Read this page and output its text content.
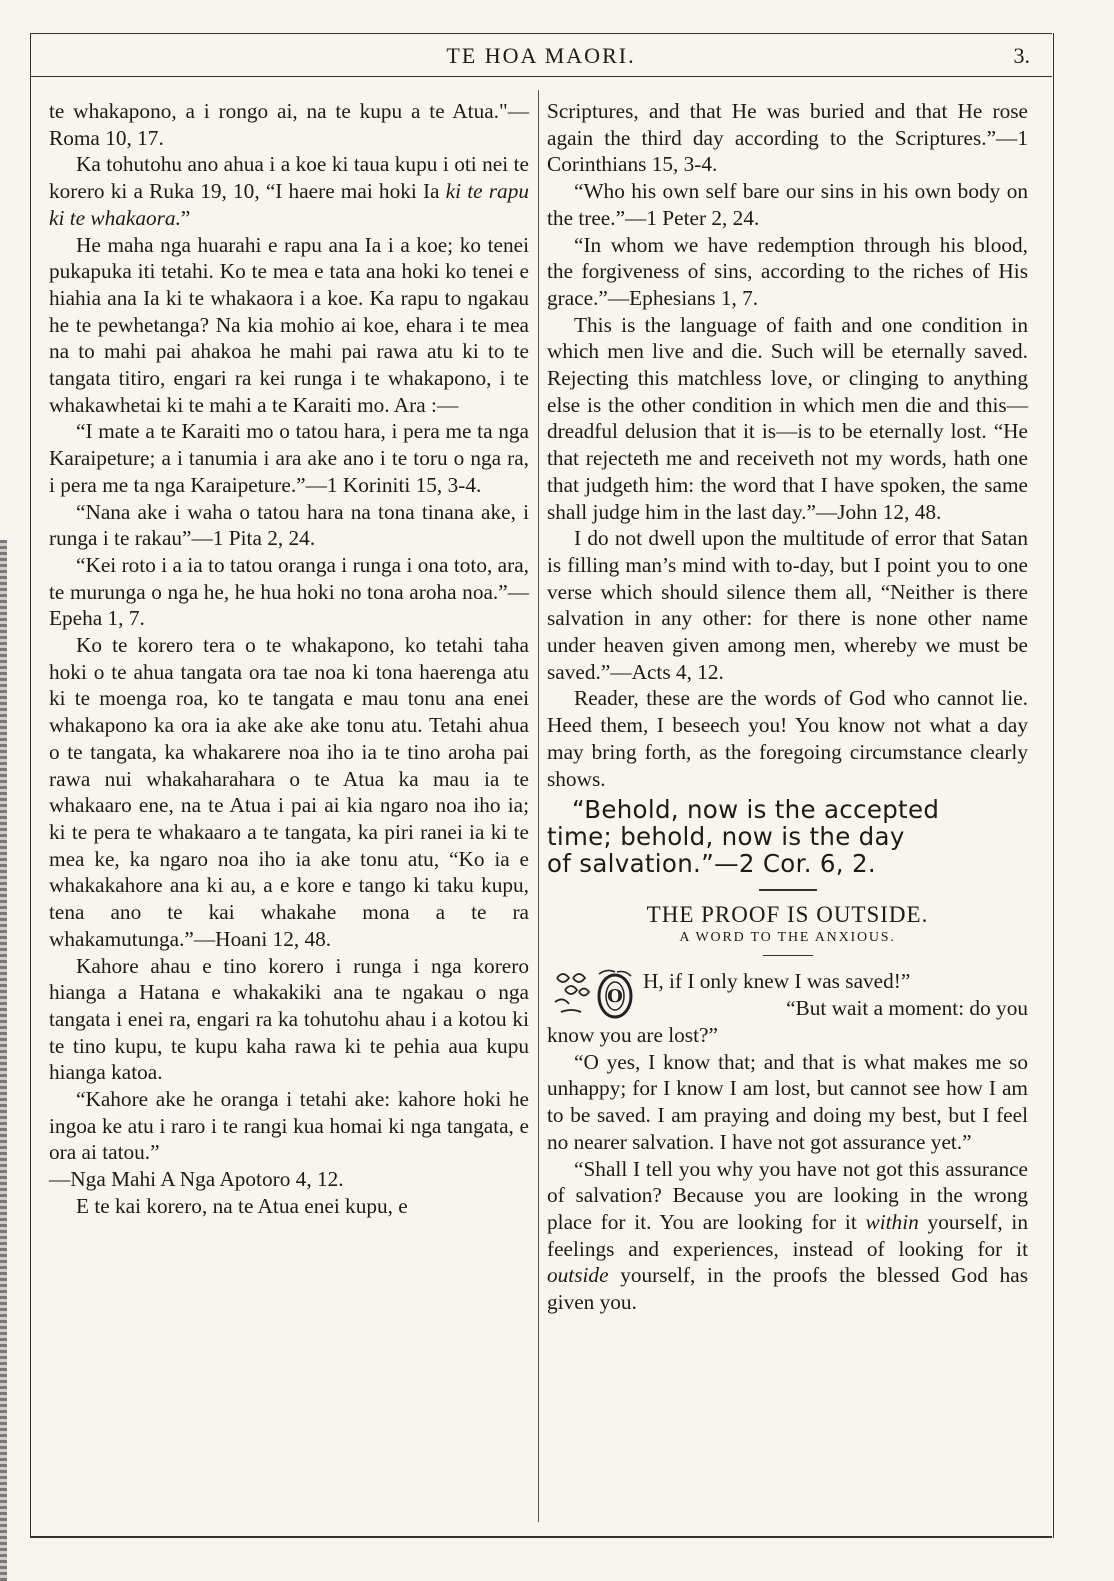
TE HOA MAORI.	3.

te whakapono, a i rongo ai, na te kupu a te Atua."—Roma 10, 17.

Ka tohutohu ano ahua i a koe ki taua kupu i oti nei te korero ki a Ruka 19, 10, “I haere mai hoki Ia ki te rapu ki te whakaora.”

He maha nga huarahi e rapu ana Ia i a koe; ko tenei pukapuka iti tetahi. Ko te mea e tata ana hoki ko tenei e hiahia ana Ia ki te whakaora i a koe. Ka rapu to ngakau he te pewhetanga? Na kia mohio ai koe, ehara i te mea na to mahi pai ahakoa he mahi pai rawa atu ki to te tangata titiro, engari ra kei runga i te whakapono, i te whakawhetai ki te mahi a te Karaiti mo. Ara :—

“I mate a te Karaiti mo o tatou hara, i pera me ta nga Karaipeture; a i tanumia i ara ake ano i te toru o nga ra, i pera me ta nga Karaipeture.”—1 Koriniti 15, 3-4.

“Nana ake i waha o tatou hara na tona tinana ake, i runga i te rakau”—1 Pita 2, 24.

“Kei roto i a ia to tatou oranga i runga i ona toto, ara, te murunga o nga he, he hua hoki no tona aroha noa.”—Epeha 1, 7.

Ko te korero tera o te whakapono, ko tetahi taha hoki o te ahua tangata ora tae noa ki tona haerenga atu ki te moenga roa, ko te tangata e mau tonu ana enei whakapono ka ora ia ake ake ake tonu atu. Tetahi ahua o te tangata, ka whakarere noa iho ia te tino aroha pai rawa nui whakaharahara o te Atua ka mau ia te whakaaro ene, na te Atua i pai ai kia ngaro noa iho ia; ki te pera te whakaaro a te tangata, ka piri ranei ia ki te mea ke, ka ngaro noa iho ia ake tonu atu, “Ko ia e whakakahore ana ki au, a e kore e tango ki taku kupu, tena ano te kai whakahe mona a te ra whakamutunga.”—Hoani 12, 48.

Kahore ahau e tino korero i runga i nga korero hianga a Hatana e whakakiki ana te ngakau o nga tangata i enei ra, engari ra ka tohutohu ahau i a kotou ki te tino kupu, te kupu kaha rawa ki te pehia aua kupu hianga katoa.

“Kahore ake he oranga i tetahi ake: kahore hoki he ingoa ke atu i raro i te rangi kua homai ki nga tangata, e ora ai tatou.”

—Nga Mahi A Nga Apotoro 4, 12.

E te kai korero, na te Atua enei kupu, e

Scriptures, and that He was buried and that He rose again the third day according to the Scriptures.”—1 Corinthians 15, 3-4.

“Who his own self bare our sins in his own body on the tree.”—1 Peter 2, 24.

“In whom we have redemption through his blood, the forgiveness of sins, according to the riches of His grace.”—Ephesians 1, 7.

This is the language of faith and one condition in which men live and die. Such will be eternally saved. Rejecting this matchless love, or clinging to anything else is the other condition in which men die and this—dreadful delusion that it is—is to be eternally lost. “He that rejecteth me and receiveth not my words, hath one that judgeth him: the word that I have spoken, the same shall judge him in the last day.”—John 12, 48.

I do not dwell upon the multitude of error that Satan is filling man’s mind with to-day, but I point you to one verse which should silence them all, “Neither is there salvation in any other: for there is none other name under heaven given among men, whereby we must be saved.”—Acts 4, 12.

Reader, these are the words of God who cannot lie. Heed them, I beseech you! You know not what a day may bring forth, as the foregoing circumstance clearly shows.

“Behold, now is the accepted
time; behold, now is the day
of salvation.”—2 Cor. 6, 2.
THE PROOF IS OUTSIDE.
A WORD TO THE ANXIOUS.
O
H, if I only knew I was saved!”
“But wait a moment: do you

know you are lost?”

“O yes, I know that; and that is what makes me so unhappy; for I know I am lost, but cannot see how I am to be saved. I am praying and doing my best, but I feel no nearer salvation. I have not got assurance yet.”

“Shall I tell you why you have not got this assurance of salvation? Because you are looking in the wrong place for it. You are looking for it within yourself, in feelings and experiences, instead of looking for it outside yourself, in the proofs the blessed God has given you.
